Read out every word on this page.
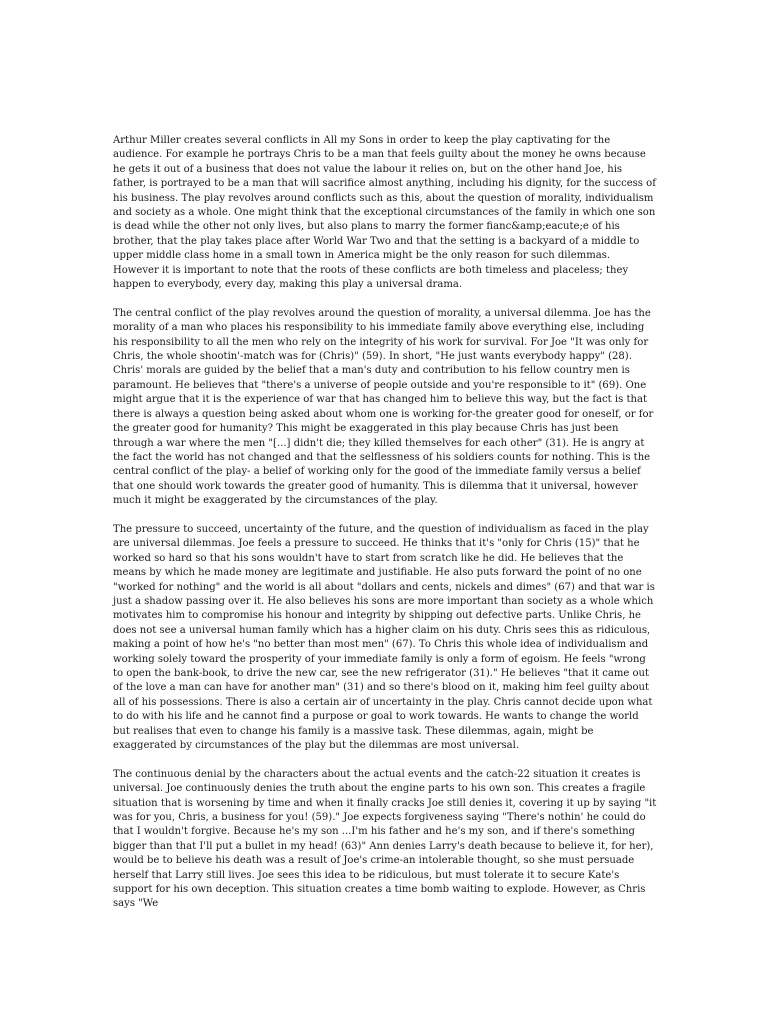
Arthur Miller creates several conflicts in All my Sons in order to keep the play captivating for the audience. For example he portrays Chris to be a man that feels guilty about the money he owns because he gets it out of a business that does not value the labour it relies on, but on the other hand Joe, his father, is portrayed to be a man that will sacrifice almost anything, including his dignity, for the success of his business. The play revolves around conflicts such as this, about the question of morality, individualism and society as a whole. One might think that the exceptional circumstances of the family in which one son is dead while the other not only lives, but also plans to marry the former fianc&amp;eacute;e of his brother, that the play takes place after World War Two and that the setting is a backyard of a middle to upper middle class home in a small town in America might be the only reason for such dilemmas. However it is important to note that the roots of these conflicts are both timeless and placeless; they happen to everybody, every day, making this play a universal drama.

The central conflict of the play revolves around the question of morality, a universal dilemma. Joe has the morality of a man who places his responsibility to his immediate family above everything else, including his responsibility to all the men who rely on the integrity of his work for survival. For Joe "It was only for Chris, the whole shootin'-match was for (Chris)" (59). In short, "He just wants everybody happy" (28). Chris' morals are guided by the belief that a man's duty and contribution to his fellow country men is paramount. He believes that "there's a universe of people outside and you're responsible to it" (69). One might argue that it is the experience of war that has changed him to believe this way, but the fact is that there is always a question being asked about whom one is working for-the greater good for oneself, or for the greater good for humanity? This might be exaggerated in this play because Chris has just been through a war where the men "[...] didn't die; they killed themselves for each other" (31). He is angry at the fact the world has not changed and that the selflessness of his soldiers counts for nothing. This is the central conflict of the play- a belief of working only for the good of the immediate family versus a belief that one should work towards the greater good of humanity. This is dilemma that it universal, however much it might be exaggerated by the circumstances of the play.

The pressure to succeed, uncertainty of the future, and the question of individualism as faced in the play are universal dilemmas. Joe feels a pressure to succeed. He thinks that it's "only for Chris (15)" that he worked so hard so that his sons wouldn't have to start from scratch like he did. He believes that the means by which he made money are legitimate and justifiable. He also puts forward the point of no one "worked for nothing" and the world is all about "dollars and cents, nickels and dimes" (67) and that war is just a shadow passing over it. He also believes his sons are more important than society as a whole which motivates him to compromise his honour and integrity by shipping out defective parts. Unlike Chris, he does not see a universal human family which has a higher claim on his duty. Chris sees this as ridiculous, making a point of how he's "no better than most men" (67). To Chris this whole idea of individualism and working solely toward the prosperity of your immediate family is only a form of egoism. He feels "wrong to open the bank-book, to drive the new car, see the new refrigerator (31)." He believes "that it came out of the love a man can have for another man" (31) and so there's blood on it, making him feel guilty about all of his possessions. There is also a certain air of uncertainty in the play. Chris cannot decide upon what to do with his life and he cannot find a purpose or goal to work towards. He wants to change the world but realises that even to change his family is a massive task. These dilemmas, again, might be exaggerated by circumstances of the play but the dilemmas are most universal.

The continuous denial by the characters about the actual events and the catch-22 situation it creates is universal. Joe continuously denies the truth about the engine parts to his own son. This creates a fragile situation that is worsening by time and when it finally cracks Joe still denies it, covering it up by saying "it was for you, Chris, a business for you! (59)." Joe expects forgiveness saying "There's nothin' he could do that I wouldn't forgive. Because he's my son ...I'm his father and he's my son, and if there's something bigger than that I'll put a bullet in my head! (63)" Ann denies Larry's death because to believe it, for her), would be to believe his death was a result of Joe's crime-an intolerable thought, so she must persuade herself that Larry still lives. Joe sees this idea to be ridiculous, but must tolerate it to secure Kate's support for his own deception. This situation creates a time bomb waiting to explode. However, as Chris says "We
